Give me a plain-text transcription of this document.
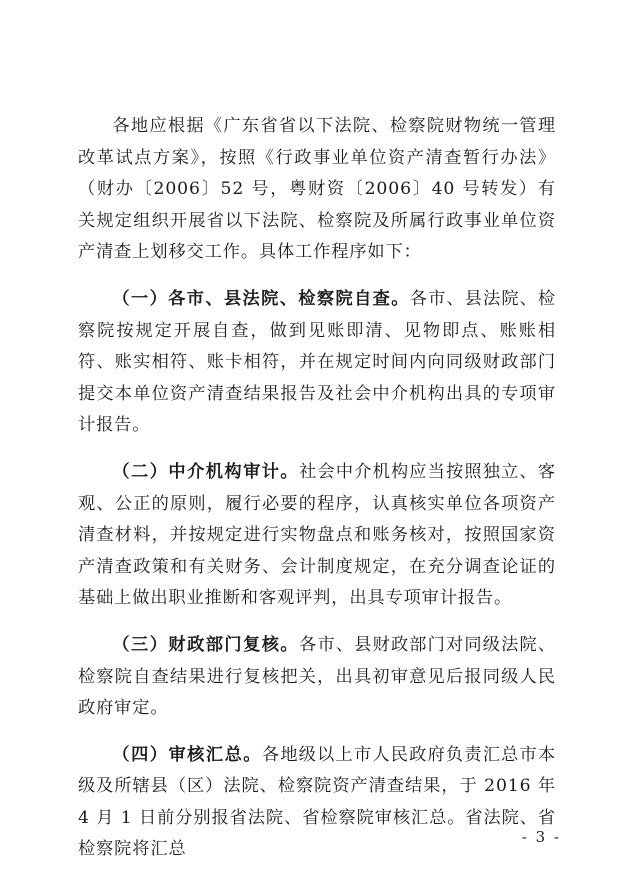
各地应根据《广东省省以下法院、检察院财物统一管理改革试点方案》，按照《行政事业单位资产清查暂行办法》（财办〔2006〕52 号，粤财资〔2006〕40 号转发）有关规定组织开展省以下法院、检察院及所属行政事业单位资产清查上划移交工作。具体工作程序如下：

（一）各市、县法院、检察院自查。各市、县法院、检察院按规定开展自查，做到见账即清、见物即点、账账相符、账实相符、账卡相符，并在规定时间内向同级财政部门提交本单位资产清查结果报告及社会中介机构出具的专项审计报告。

（二）中介机构审计。社会中介机构应当按照独立、客观、公正的原则，履行必要的程序，认真核实单位各项资产清查材料，并按规定进行实物盘点和账务核对，按照国家资产清查政策和有关财务、会计制度规定，在充分调查论证的基础上做出职业推断和客观评判，出具专项审计报告。

（三）财政部门复核。各市、县财政部门对同级法院、检察院自查结果进行复核把关，出具初审意见后报同级人民政府审定。

（四）审核汇总。各地级以上市人民政府负责汇总市本级及所辖县（区）法院、检察院资产清查结果，于 2016 年 4 月 1 日前分别报省法院、省检察院审核汇总。省法院、省检察院将汇总

- 3 -
